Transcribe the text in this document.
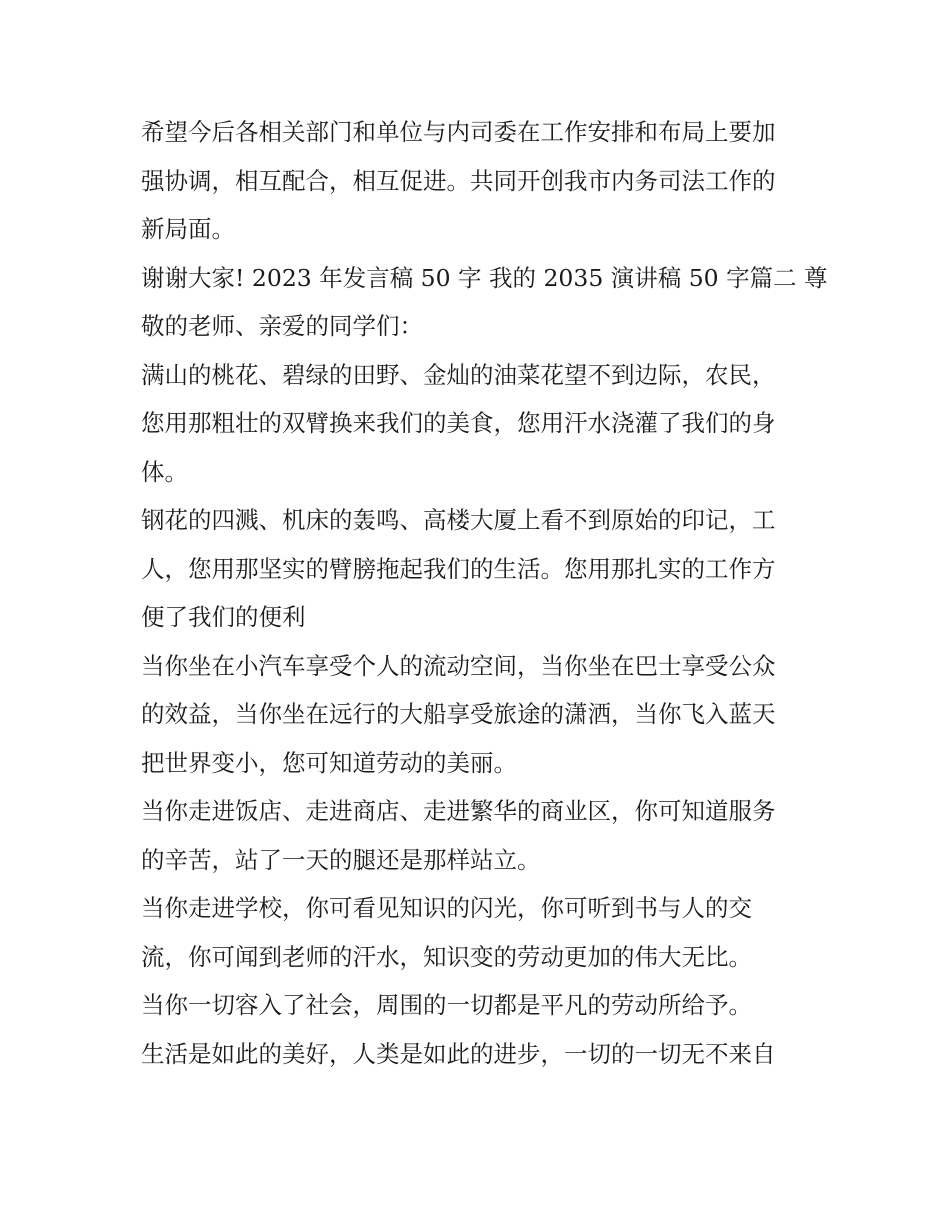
希望今后各相关部门和单位与内司委在工作安排和布局上要加
强协调，相互配合，相互促进。共同开创我市内务司法工作的
新局面。

谢谢大家! 2023 年发言稿 50 字 我的 2035 演讲稿 50 字篇二 尊
敬的老师、亲爱的同学们：

满山的桃花、碧绿的田野、金灿的油菜花望不到边际，农民，
您用那粗壮的双臂换来我们的美食，您用汗水浇灌了我们的身
体。

钢花的四溅、机床的轰鸣、高楼大厦上看不到原始的印记，工
人，您用那坚实的臂膀拖起我们的生活。您用那扎实的工作方
便了我们的便利

当你坐在小汽车享受个人的流动空间，当你坐在巴士享受公众
的效益，当你坐在远行的大船享受旅途的潇洒，当你飞入蓝天
把世界变小，您可知道劳动的美丽。

当你走进饭店、走进商店、走进繁华的商业区，你可知道服务
的辛苦，站了一天的腿还是那样站立。

当你走进学校，你可看见知识的闪光，你可听到书与人的交
流，你可闻到老师的汗水，知识变的劳动更加的伟大无比。

当你一切容入了社会，周围的一切都是平凡的劳动所给予。

生活是如此的美好，人类是如此的进步，一切的一切无不来自
